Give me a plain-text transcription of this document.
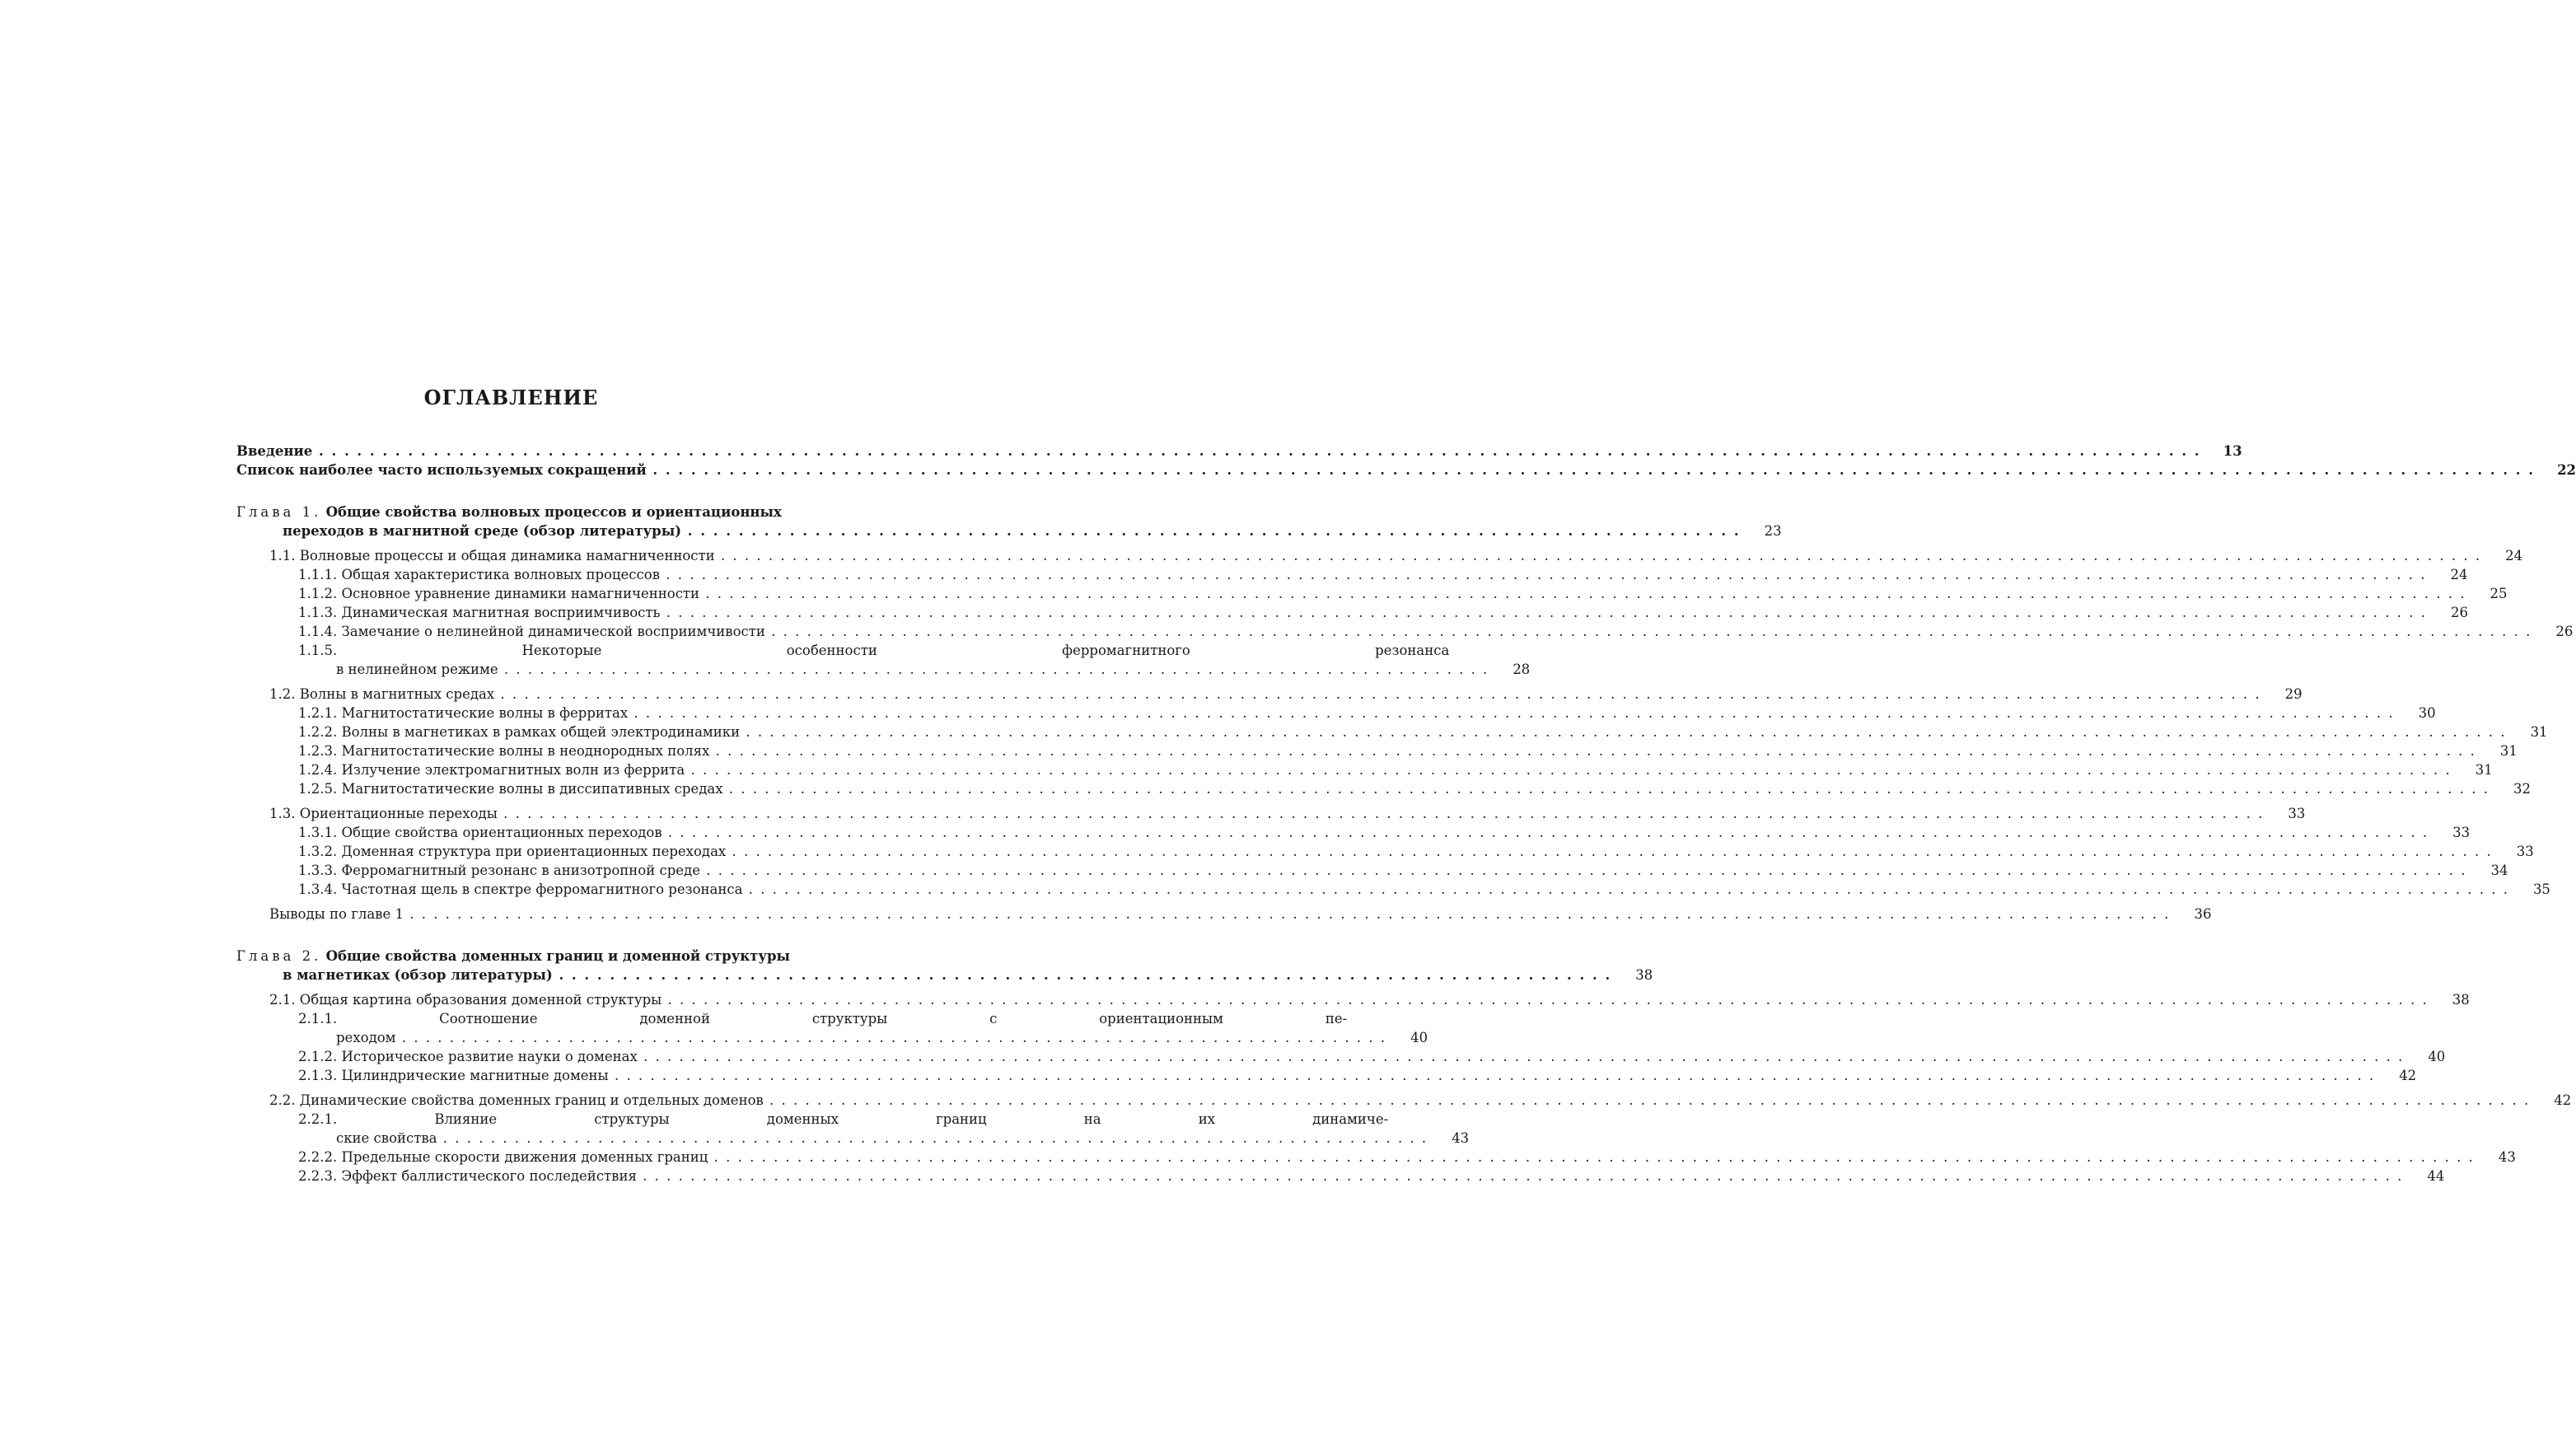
ОГЛАВЛЕНИЕ
Введение . . .	13
Список наиболее часто используемых сокращений . . .	22
Глава 1. Общие свойства волновых процессов и ориентационных
переходов в магнитной среде (обзор литературы) . . .	23
1.1. Волновые процессы и общая динамика намагниченности . . .	24
1.1.1. Общая характеристика волновых процессов . . .	24
1.1.2. Основное уравнение динамики намагниченности . . .	25
1.1.3. Динамическая магнитная восприимчивость . . .	26
1.1.4. Замечание о нелинейной динамической восприимчивости . . .	26
1.1.5. Некоторые особенности ферромагнитного резонанса
в нелинейном режиме . . .	28
1.2. Волны в магнитных средах . . .	29
1.2.1. Магнитостатические волны в ферритах . . .	30
1.2.2. Волны в магнетиках в рамках общей электродинамики . . .	31
1.2.3. Магнитостатические волны в неоднородных полях . . .	31
1.2.4. Излучение электромагнитных волн из феррита . . .	31
1.2.5. Магнитостатические волны в диссипативных средах . . .	32
1.3. Ориентационные переходы . . .	33
1.3.1. Общие свойства ориентационных переходов . . .	33
1.3.2. Доменная структура при ориентационных переходах . . .	33
1.3.3. Ферромагнитный резонанс в анизотропной среде . . .	34
1.3.4. Частотная щель в спектре ферромагнитного резонанса . . .	35
Выводы по главе 1 . . .	36
Глава 2. Общие свойства доменных границ и доменной структуры
в магнетиках (обзор литературы) . . .	38
2.1. Общая картина образования доменной структуры . . .	38
2.1.1. Соотношение доменной структуры с ориентационным пе-
реходом . . .	40
2.1.2. Историческое развитие науки о доменах . . .	40
2.1.3. Цилиндрические магнитные домены . . .	42
2.2. Динамические свойства доменных границ и отдельных доменов . . .	42
2.2.1. Влияние структуры доменных границ на их динамиче-
ские свойства . . .	43
2.2.2. Предельные скорости движения доменных границ . . .	43
2.2.3. Эффект баллистического последействия . . .	44
